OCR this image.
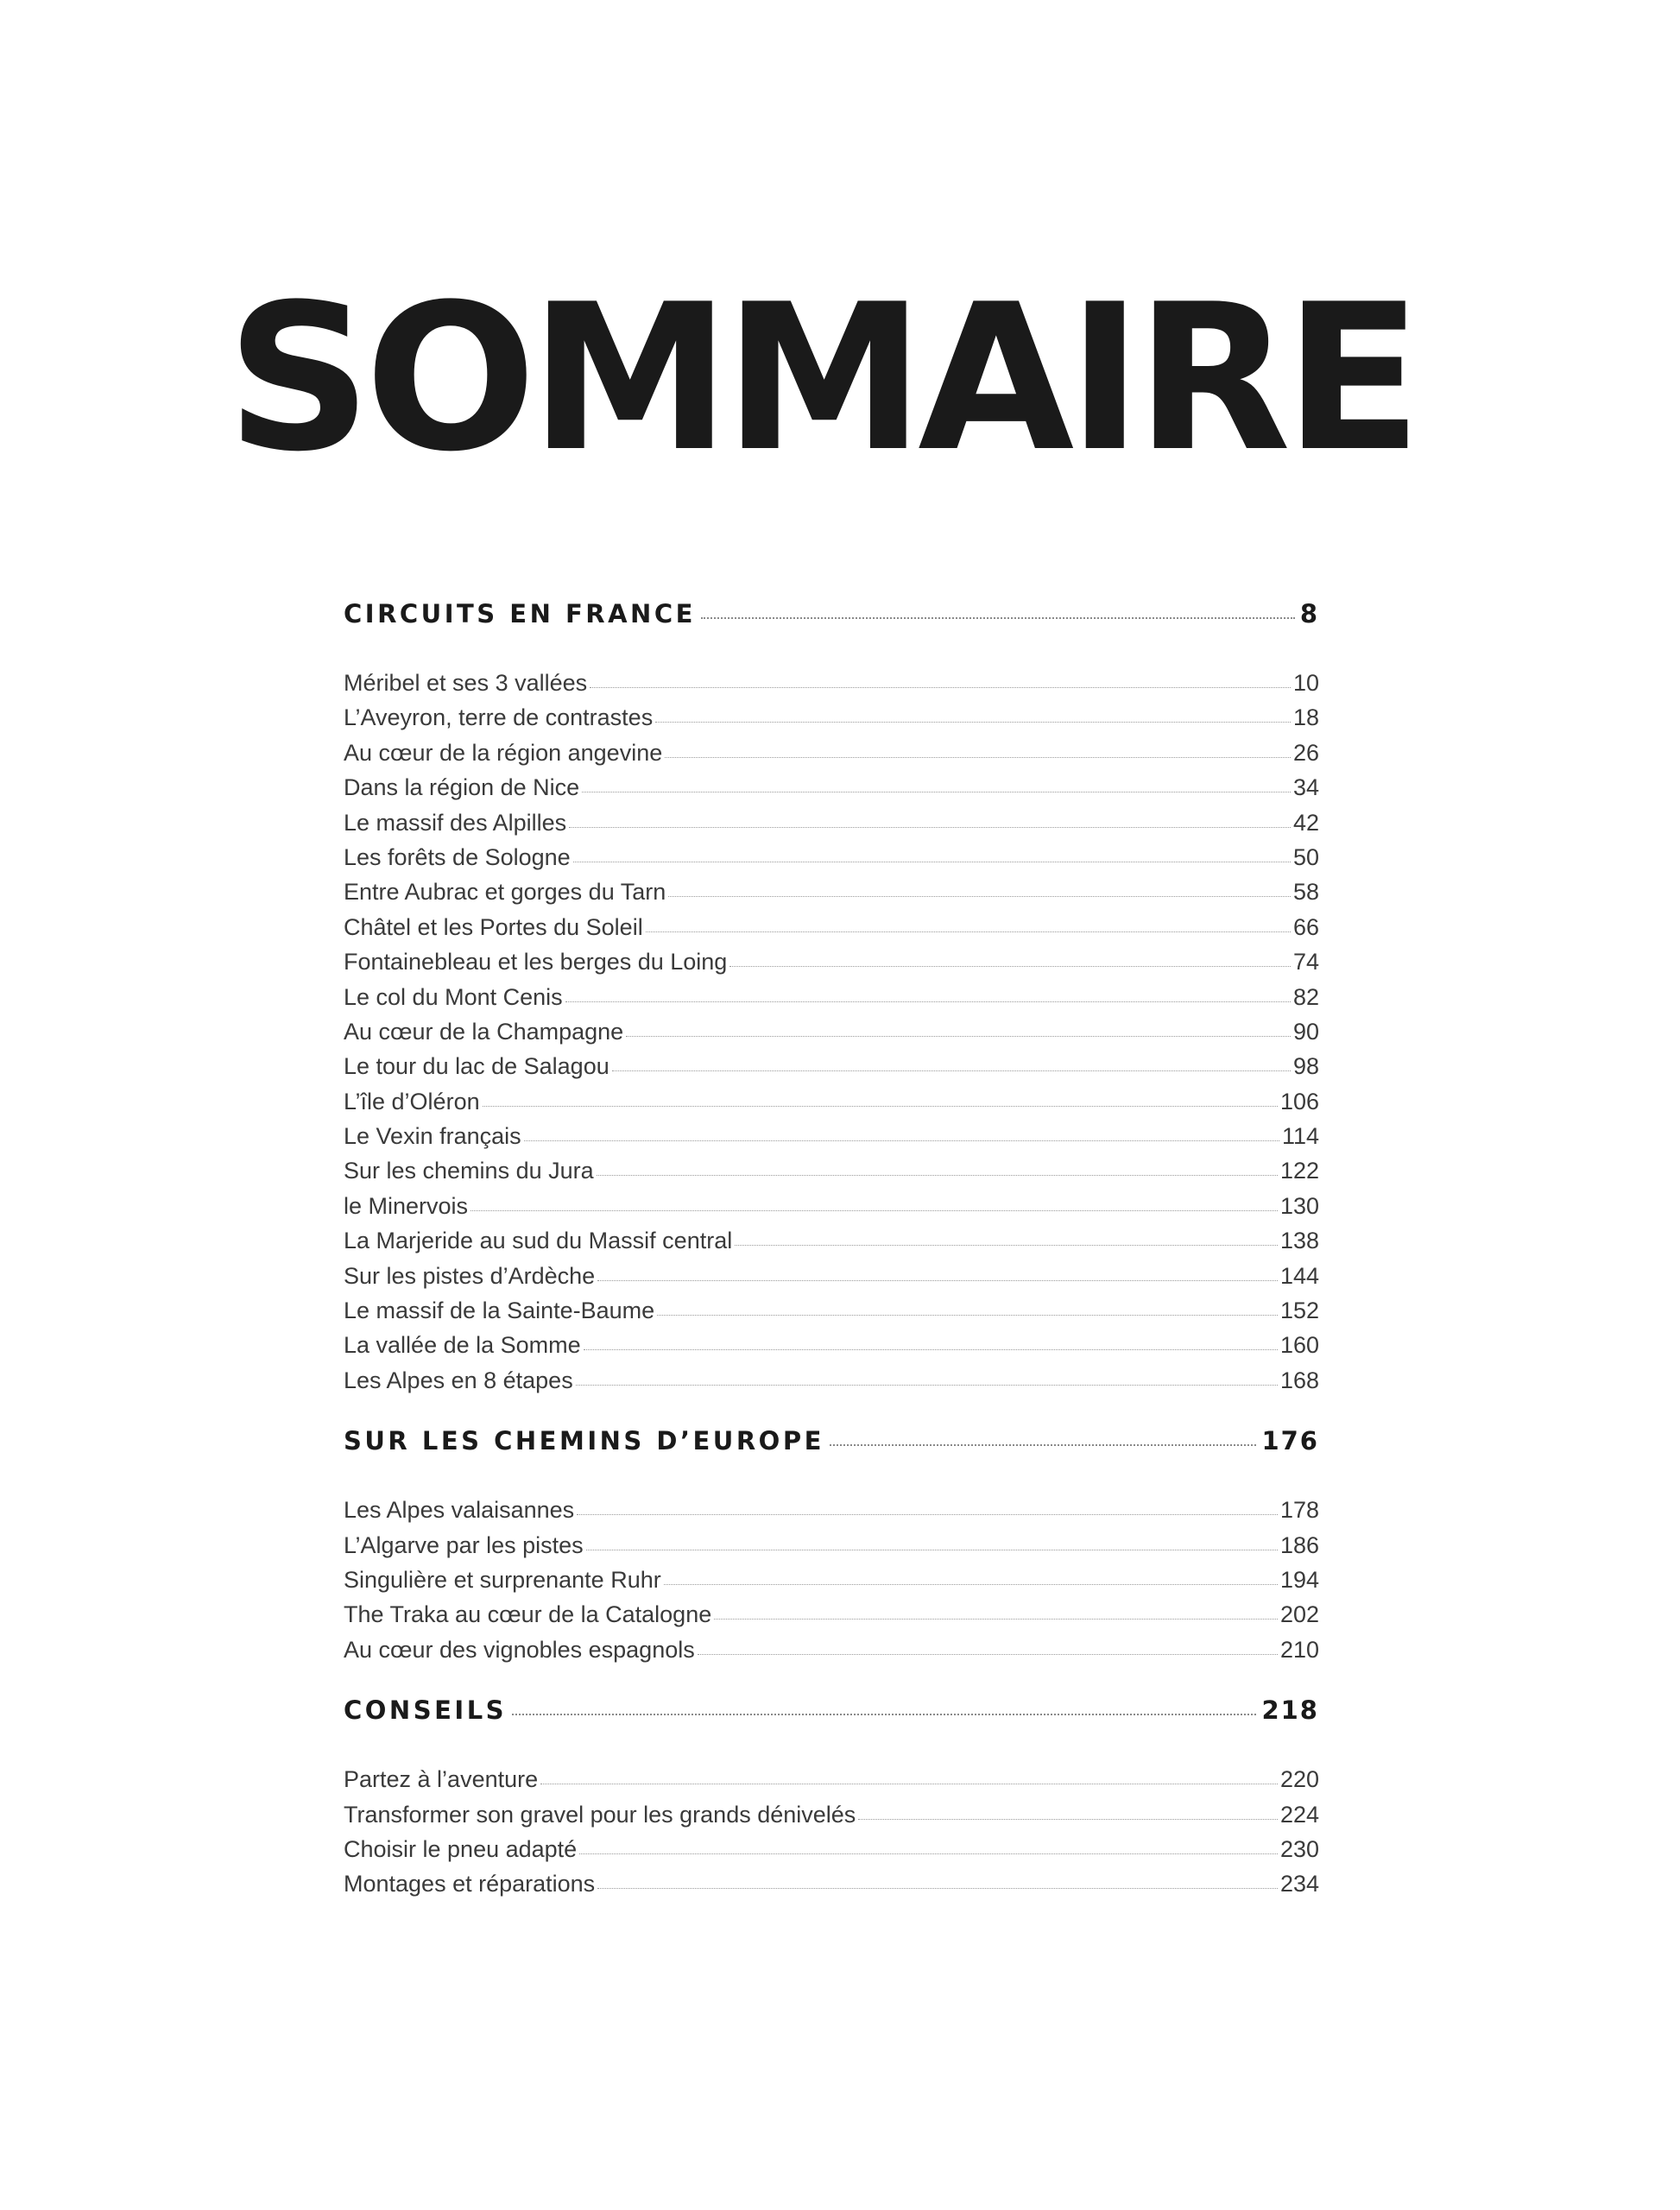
SOMMAIRE
CIRCUITS EN FRANCE	8
Méribel et ses 3 vallées	10
L’Aveyron, terre de contrastes	18
Au cœur de la région angevine	26
Dans la région de Nice	34
Le massif des Alpilles	42
Les forêts de Sologne	50
Entre Aubrac et gorges du Tarn	58
Châtel et les Portes du Soleil	66
Fontainebleau et les berges du Loing	74
Le col du Mont Cenis	82
Au cœur de la Champagne	90
Le tour du lac de Salagou	98
L’île d’Oléron	106
Le Vexin français	114
Sur les chemins du Jura	122
le Minervois	130
La Marjeride au sud du Massif central	138
Sur les pistes d’Ardèche	144
Le massif de la Sainte-Baume	152
La vallée de la Somme	160
Les Alpes en 8 étapes	168
SUR LES CHEMINS D’EUROPE	176
Les Alpes valaisannes	178
L’Algarve par les pistes	186
Singulière et surprenante Ruhr	194
The Traka au cœur de la Catalogne	202
Au cœur des vignobles espagnols	210
CONSEILS	218
Partez à l’aventure	220
Transformer son gravel pour les grands dénivelés	224
Choisir le pneu adapté	230
Montages et réparations	234
